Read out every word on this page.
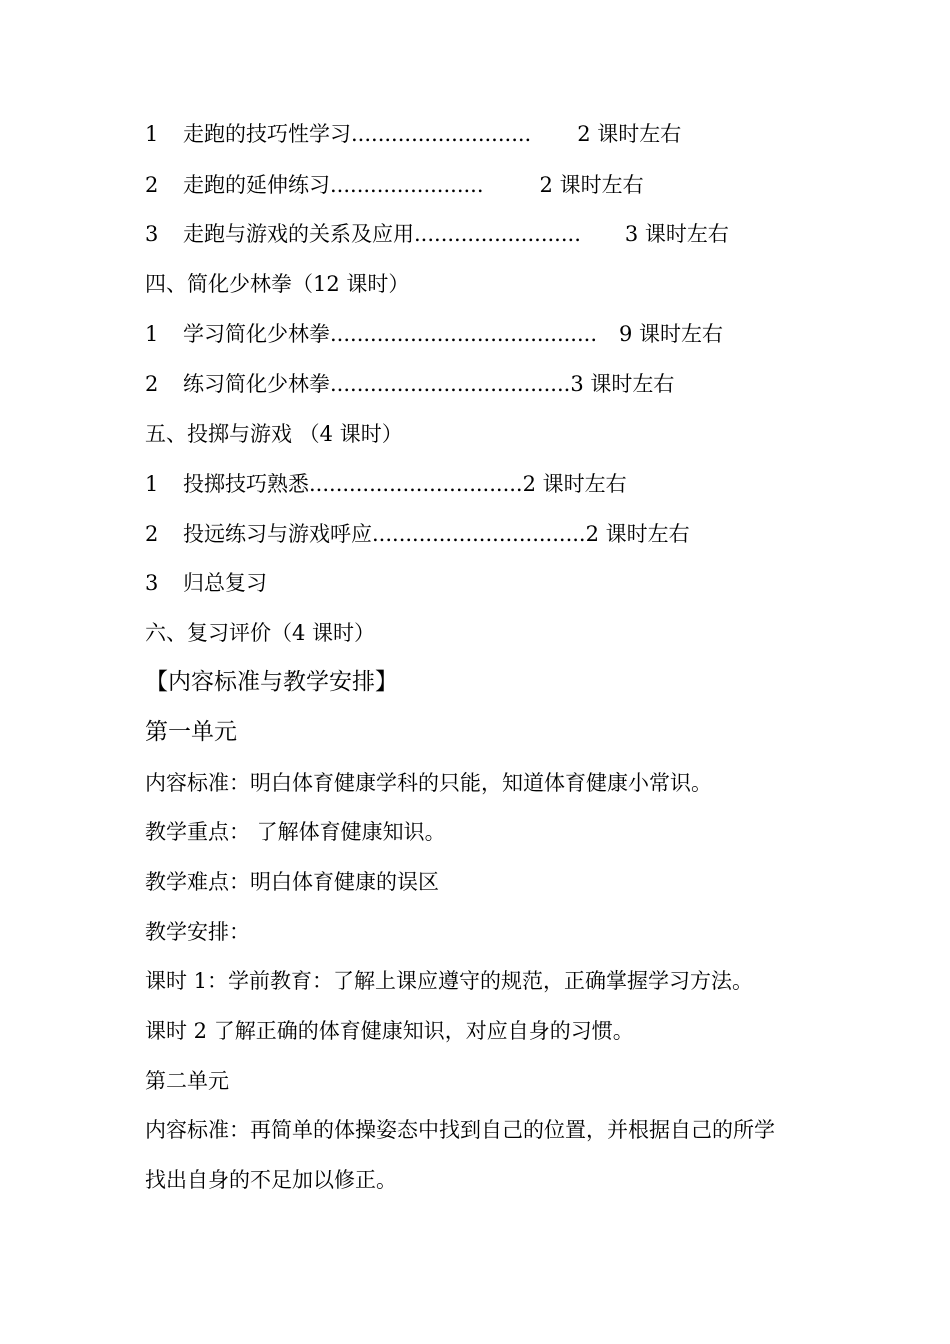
1 走跑的技巧性学习........................... 2 课时左右

2 走跑的延伸练习.......................	2 课时左右

3 走跑与游戏的关系及应用......................... 3 课时左右

四、简化少林拳（12 课时）

1 学习简化少林拳........................................ 9 课时左右

2 练习简化少林拳....................................3 课时左右

五、投掷与游戏 （4 课时）

1 投掷技巧熟悉................................2 课时左右

2 投远练习与游戏呼应................................2 课时左右

3 归总复习

六、复习评价（4 课时）

【内容标准与教学安排】

第一单元

内容标准：明白体育健康学科的只能，知道体育健康小常识。

教学重点： 了解体育健康知识。

教学难点：明白体育健康的误区

教学安排：

课时 1：学前教育：了解上课应遵守的规范，正确掌握学习方法。

课时 2 了解正确的体育健康知识，对应自身的习惯。

第二单元

内容标准：再简单的体操姿态中找到自己的位置，并根据自己的所学

找出自身的不足加以修正。
